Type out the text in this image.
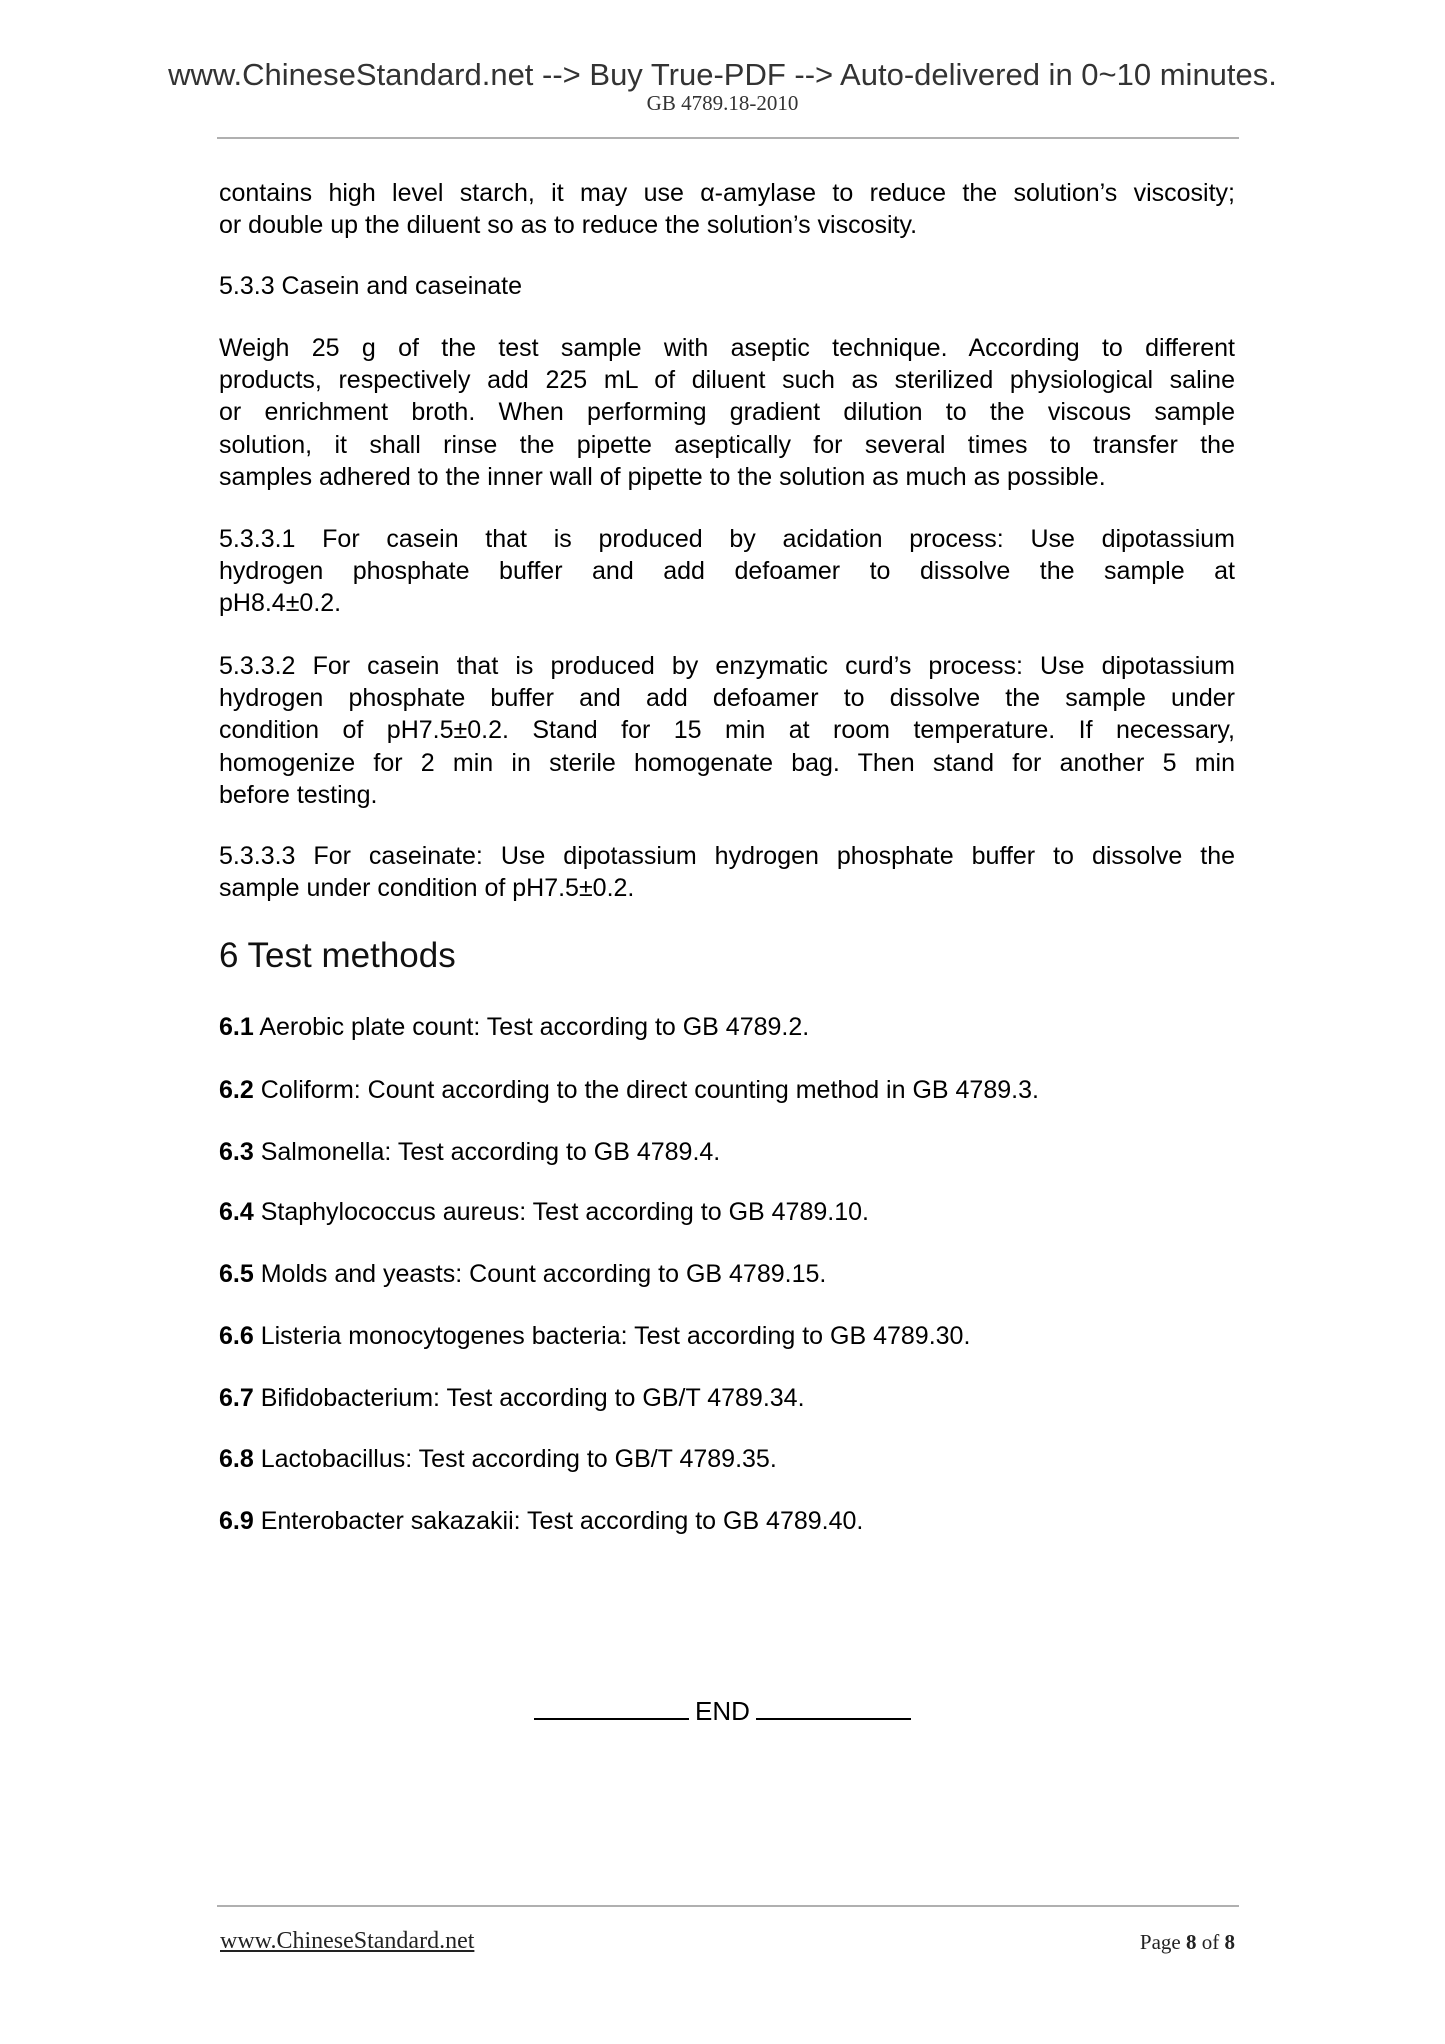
www.ChineseStandard.net --> Buy True-PDF --> Auto-delivered in 0~10 minutes.
GB 4789.18-2010
contains high level starch, it may use α-amylase to reduce the solution’s viscosity;
or double up the diluent so as to reduce the solution’s viscosity.
5.3.3 Casein and caseinate
Weigh 25 g of the test sample with aseptic technique. According to different
products, respectively add 225 mL of diluent such as sterilized physiological saline
or enrichment broth. When performing gradient dilution to the viscous sample
solution, it shall rinse the pipette aseptically for several times to transfer the
samples adhered to the inner wall of pipette to the solution as much as possible.
5.3.3.1 For casein that is produced by acidation process: Use dipotassium
hydrogen phosphate buffer and add defoamer to dissolve the sample at
pH8.4±0.2.
5.3.3.2 For casein that is produced by enzymatic curd’s process: Use dipotassium
hydrogen phosphate buffer and add defoamer to dissolve the sample under
condition of pH7.5±0.2. Stand for 15 min at room temperature. If necessary,
homogenize for 2 min in sterile homogenate bag. Then stand for another 5 min
before testing.
5.3.3.3 For caseinate: Use dipotassium hydrogen phosphate buffer to dissolve the
sample under condition of pH7.5±0.2.
6 Test methods
6.1 Aerobic plate count: Test according to GB 4789.2.
6.2 Coliform: Count according to the direct counting method in GB 4789.3.
6.3 Salmonella: Test according to GB 4789.4.
6.4 Staphylococcus aureus: Test according to GB 4789.10.
6.5 Molds and yeasts: Count according to GB 4789.15.
6.6 Listeria monocytogenes bacteria: Test according to GB 4789.30.
6.7 Bifidobacterium: Test according to GB/T 4789.34.
6.8 Lactobacillus: Test according to GB/T 4789.35.
6.9 Enterobacter sakazakii: Test according to GB 4789.40.
END
www.ChineseStandard.net	Page 8 of 8
